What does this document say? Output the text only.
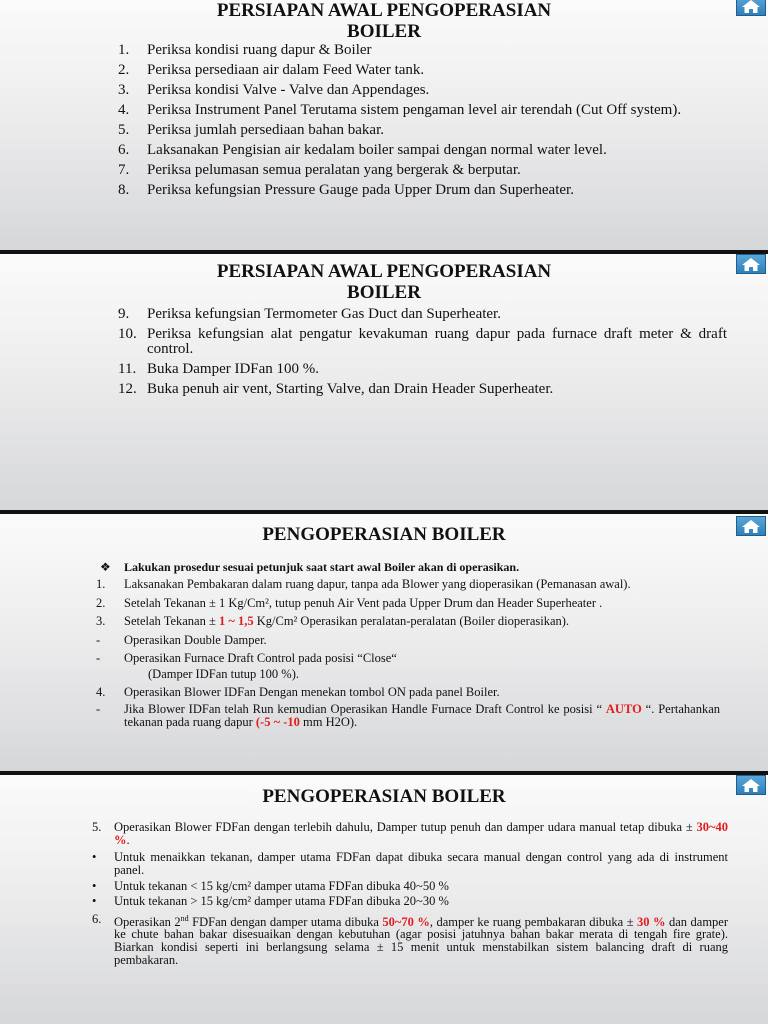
PERSIAPAN AWAL PENGOPERASIAN
BOILER
1. Periksa kondisi ruang dapur & Boiler
2. Periksa persediaan air dalam Feed Water tank.
3. Periksa kondisi Valve - Valve dan Appendages.
4. Periksa Instrument Panel Terutama sistem pengaman level air terendah (Cut Off system).
5. Periksa jumlah persediaan bahan bakar.
6. Laksanakan Pengisian air kedalam boiler sampai dengan normal water level.
7. Periksa pelumasan semua peralatan yang bergerak & berputar.
8. Periksa kefungsian Pressure Gauge pada Upper Drum dan Superheater.
PERSIAPAN AWAL PENGOPERASIAN
BOILER
9. Periksa kefungsian Termometer Gas Duct dan Superheater.
10. Periksa kefungsian alat pengatur kevakuman ruang dapur pada furnace draft meter & draft control.
11. Buka Damper IDFan 100 %.
12. Buka penuh air vent, Starting Valve, dan Drain Header Superheater.
PENGOPERASIAN BOILER
❖ Lakukan prosedur sesuai petunjuk saat start awal Boiler akan di operasikan.
1. Laksanakan Pembakaran dalam ruang dapur, tanpa ada Blower yang dioperasikan (Pemanasan awal).
2. Setelah Tekanan ± 1 Kg/Cm², tutup penuh Air Vent pada Upper Drum dan Header Superheater .
3. Setelah Tekanan ± 1 ~ 1,5 Kg/Cm² Operasikan peralatan-peralatan (Boiler dioperasikan).
- Operasikan Double Damper.
- Operasikan Furnace Draft Control pada posisi “Close“
(Damper IDFan tutup 100 %).
4. Operasikan Blower IDFan Dengan menekan tombol ON pada panel Boiler.
- Jika Blower IDFan telah Run kemudian Operasikan Handle Furnace Draft Control ke posisi “ AUTO “. Pertahankan tekanan pada ruang dapur (-5 ~ -10 mm H2O).
PENGOPERASIAN BOILER
5. Operasikan Blower FDFan dengan terlebih dahulu, Damper tutup penuh dan damper udara manual tetap dibuka ± 30~40 %.
• Untuk menaikkan tekanan, damper utama FDFan dapat dibuka secara manual dengan control yang ada di instrument panel.
• Untuk tekanan < 15 kg/cm² damper utama FDFan dibuka 40~50 %
• Untuk tekanan > 15 kg/cm² damper utama FDFan dibuka 20~30 %
6. Operasikan 2nd FDFan dengan damper utama dibuka 50~70 %, damper ke ruang pembakaran dibuka ± 30 % dan damper ke chute bahan bakar disesuaikan dengan kebutuhan (agar posisi jatuhnya bahan bakar merata di tengah fire grate). Biarkan kondisi seperti ini berlangsung selama ± 15 menit untuk menstabilkan sistem balancing draft di ruang pembakaran.
